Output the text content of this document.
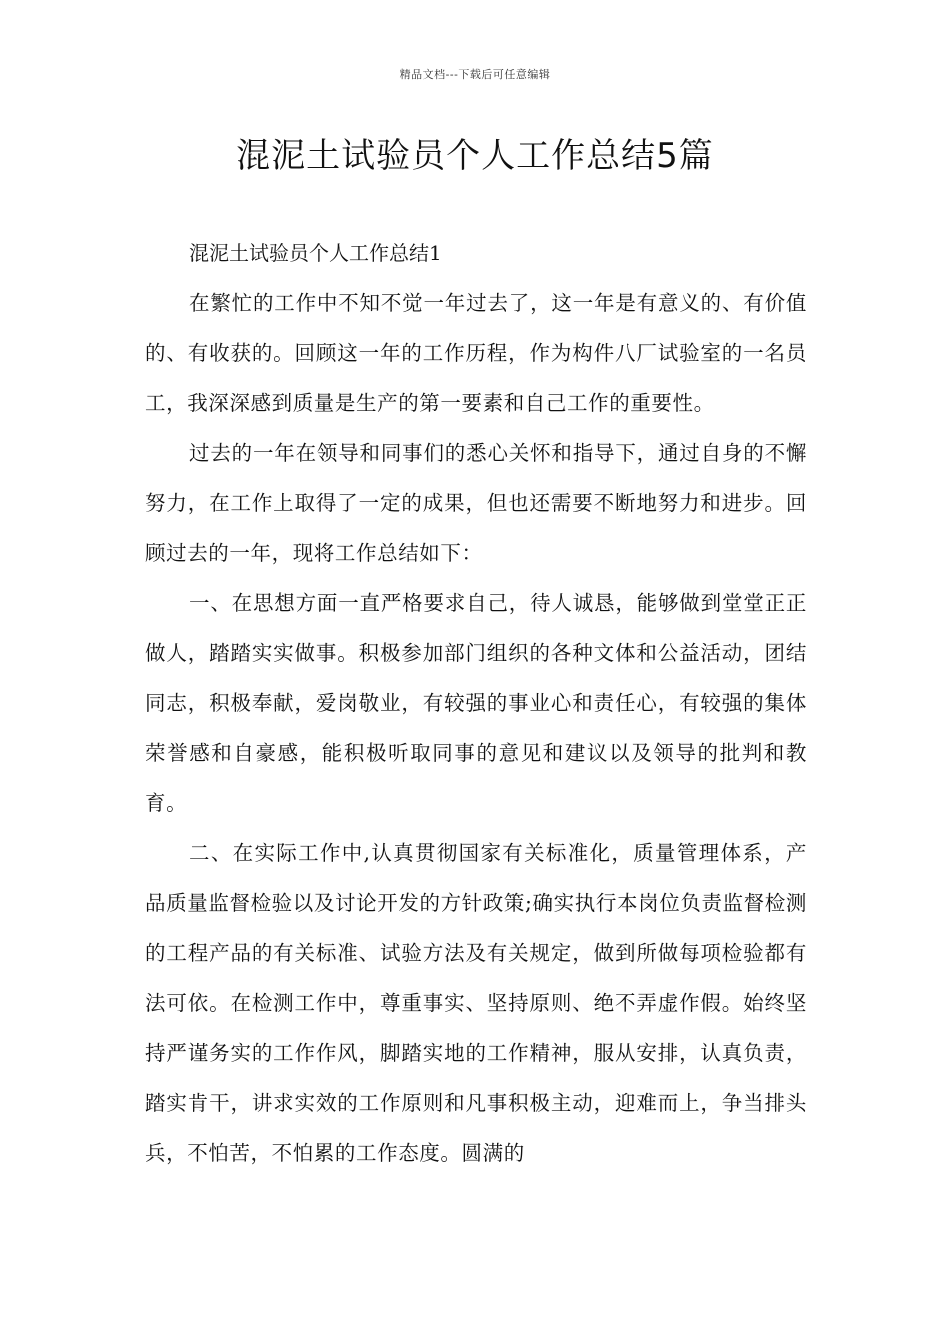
精品文档---下载后可任意编辑
混泥土试验员个人工作总结5篇

混泥土试验员个人工作总结1

在繁忙的工作中不知不觉一年过去了，这一年是有意义的、有价值的、有收获的。回顾这一年的工作历程，作为构件八厂试验室的一名员工，我深深感到质量是生产的第一要素和自己工作的重要性。

过去的一年在领导和同事们的悉心关怀和指导下，通过自身的不懈努力，在工作上取得了一定的成果，但也还需要不断地努力和进步。回顾过去的一年，现将工作总结如下：

一、在思想方面一直严格要求自己，待人诚恳，能够做到堂堂正正做人，踏踏实实做事。积极参加部门组织的各种文体和公益活动，团结同志，积极奉献，爱岗敬业，有较强的事业心和责任心，有较强的集体荣誉感和自豪感，能积极听取同事的意见和建议以及领导的批判和教育。

二、在实际工作中,认真贯彻国家有关标准化，质量管理体系，产品质量监督检验以及讨论开发的方针政策;确实执行本岗位负责监督检测的工程产品的有关标准、试验方法及有关规定，做到所做每项检验都有法可依。在检测工作中，尊重事实、坚持原则、绝不弄虚作假。始终坚持严谨务实的工作作风，脚踏实地的工作精神，服从安排，认真负责，踏实肯干，讲求实效的工作原则和凡事积极主动，迎难而上，争当排头兵，不怕苦，不怕累的工作态度。圆满的
